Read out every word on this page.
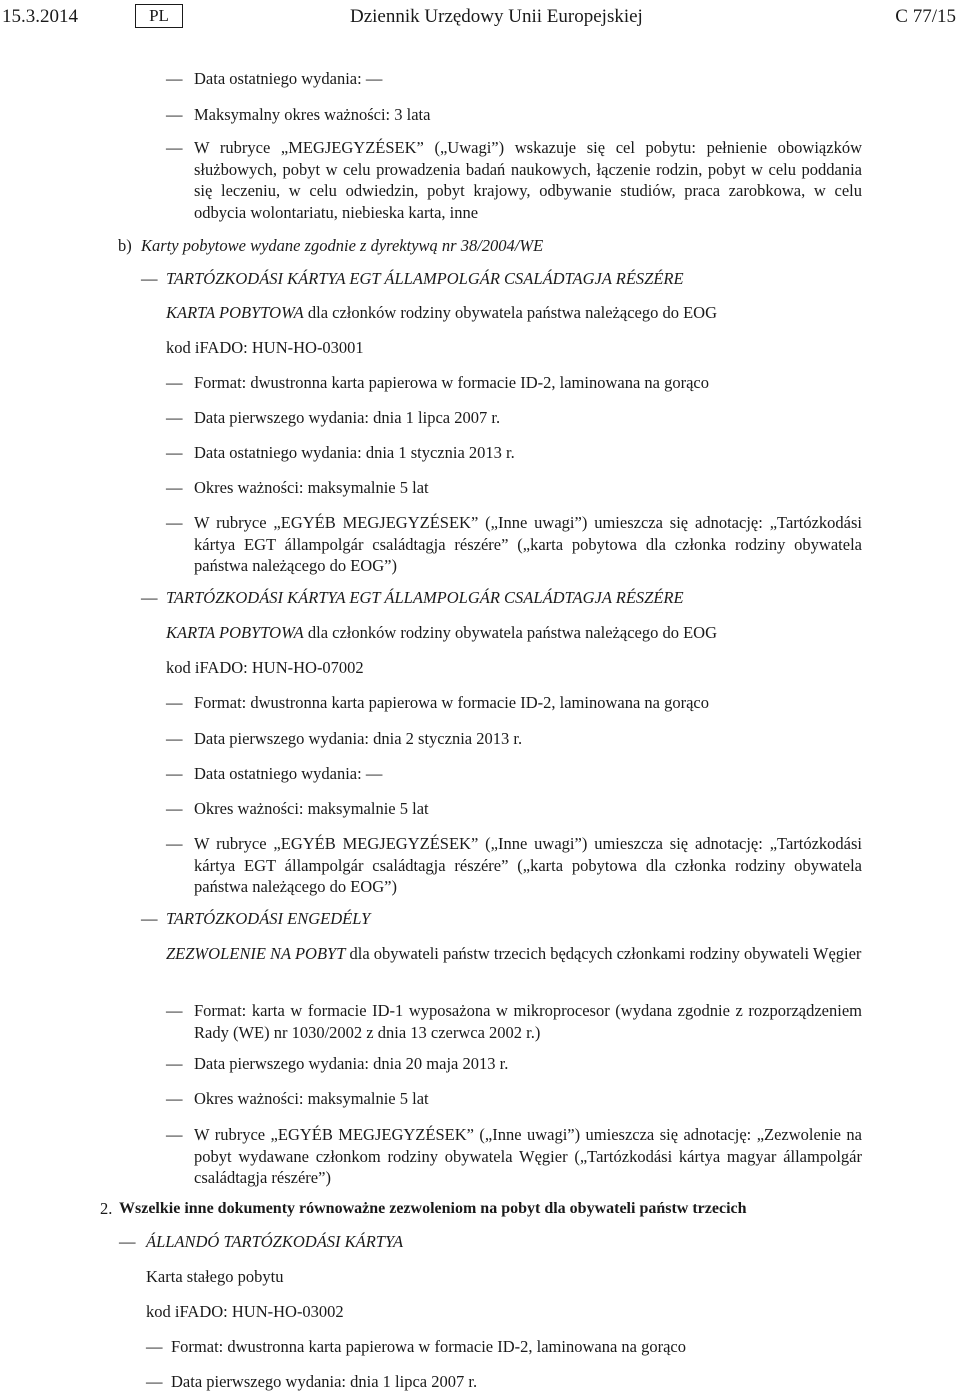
15.3.2014	PL	Dziennik Urzędowy Unii Europejskiej	C 77/15
— Data ostatniego wydania: —
— Maksymalny okres ważności: 3 lata
— W rubryce „MEGJEGYZÉSEK” („Uwagi”) wskazuje się cel pobytu: pełnienie obowiązków służbowych, pobyt w celu prowadzenia badań naukowych, łączenie rodzin, pobyt w celu poddania się leczeniu, w celu odwiedzin, pobyt krajowy, odbywanie studiów, praca zarobkowa, w celu odbycia wolontariatu, niebieska karta, inne
b) Karty pobytowe wydane zgodnie z dyrektywą nr 38/2004/WE
— TARTÓZKODÁSI KÁRTYA EGT ÁLLAMPOLGÁR CSALÁDTAGJA RÉSZÉRE
KARTA POBYTOWA dla członków rodziny obywatela państwa należącego do EOG
kod iFADO: HUN-HO-03001
— Format: dwustronna karta papierowa w formacie ID-2, laminowana na gorąco
— Data pierwszego wydania: dnia 1 lipca 2007 r.
— Data ostatniego wydania: dnia 1 stycznia 2013 r.
— Okres ważności: maksymalnie 5 lat
— W rubryce „EGYÉB MEGJEGYZÉSEK” („Inne uwagi”) umieszcza się adnotację: „Tartózkodási kártya EGT állampolgár családtagja részére” („karta pobytowa dla członka rodziny obywatela państwa należącego do EOG”)
— TARTÓZKODÁSI KÁRTYA EGT ÁLLAMPOLGÁR CSALÁDTAGJA RÉSZÉRE
KARTA POBYTOWA dla członków rodziny obywatela państwa należącego do EOG
kod iFADO: HUN-HO-07002
— Format: dwustronna karta papierowa w formacie ID-2, laminowana na gorąco
— Data pierwszego wydania: dnia 2 stycznia 2013 r.
— Data ostatniego wydania: —
— Okres ważności: maksymalnie 5 lat
— W rubryce „EGYÉB MEGJEGYZÉSEK” („Inne uwagi”) umieszcza się adnotację: „Tartózkodási kártya EGT állampolgár családtagja részére” („karta pobytowa dla członka rodziny obywatela państwa należącego do EOG”)
— TARTÓZKODÁSI ENGEDÉLY
ZEZWOLENIE NA POBYT dla obywateli państw trzecich będących członkami rodziny obywateli Węgier
— Format: karta w formacie ID-1 wyposażona w mikroprocesor (wydana zgodnie z rozporządzeniem Rady (WE) nr 1030/2002 z dnia 13 czerwca 2002 r.)
— Data pierwszego wydania: dnia 20 maja 2013 r.
— Okres ważności: maksymalnie 5 lat
— W rubryce „EGYÉB MEGJEGYZÉSEK” („Inne uwagi”) umieszcza się adnotację: „Zezwolenie na pobyt wydawane członkom rodziny obywatela Węgier („Tartózkodási kártya magyar állampolgár családtagja részére”)
2. Wszelkie inne dokumenty równoważne zezwoleniom na pobyt dla obywateli państw trzecich
— ÁLLANDÓ TARTÓZKODÁSI KÁRTYA
Karta stałego pobytu
kod iFADO: HUN-HO-03002
— Format: dwustronna karta papierowa w formacie ID-2, laminowana na gorąco
— Data pierwszego wydania: dnia 1 lipca 2007 r.
